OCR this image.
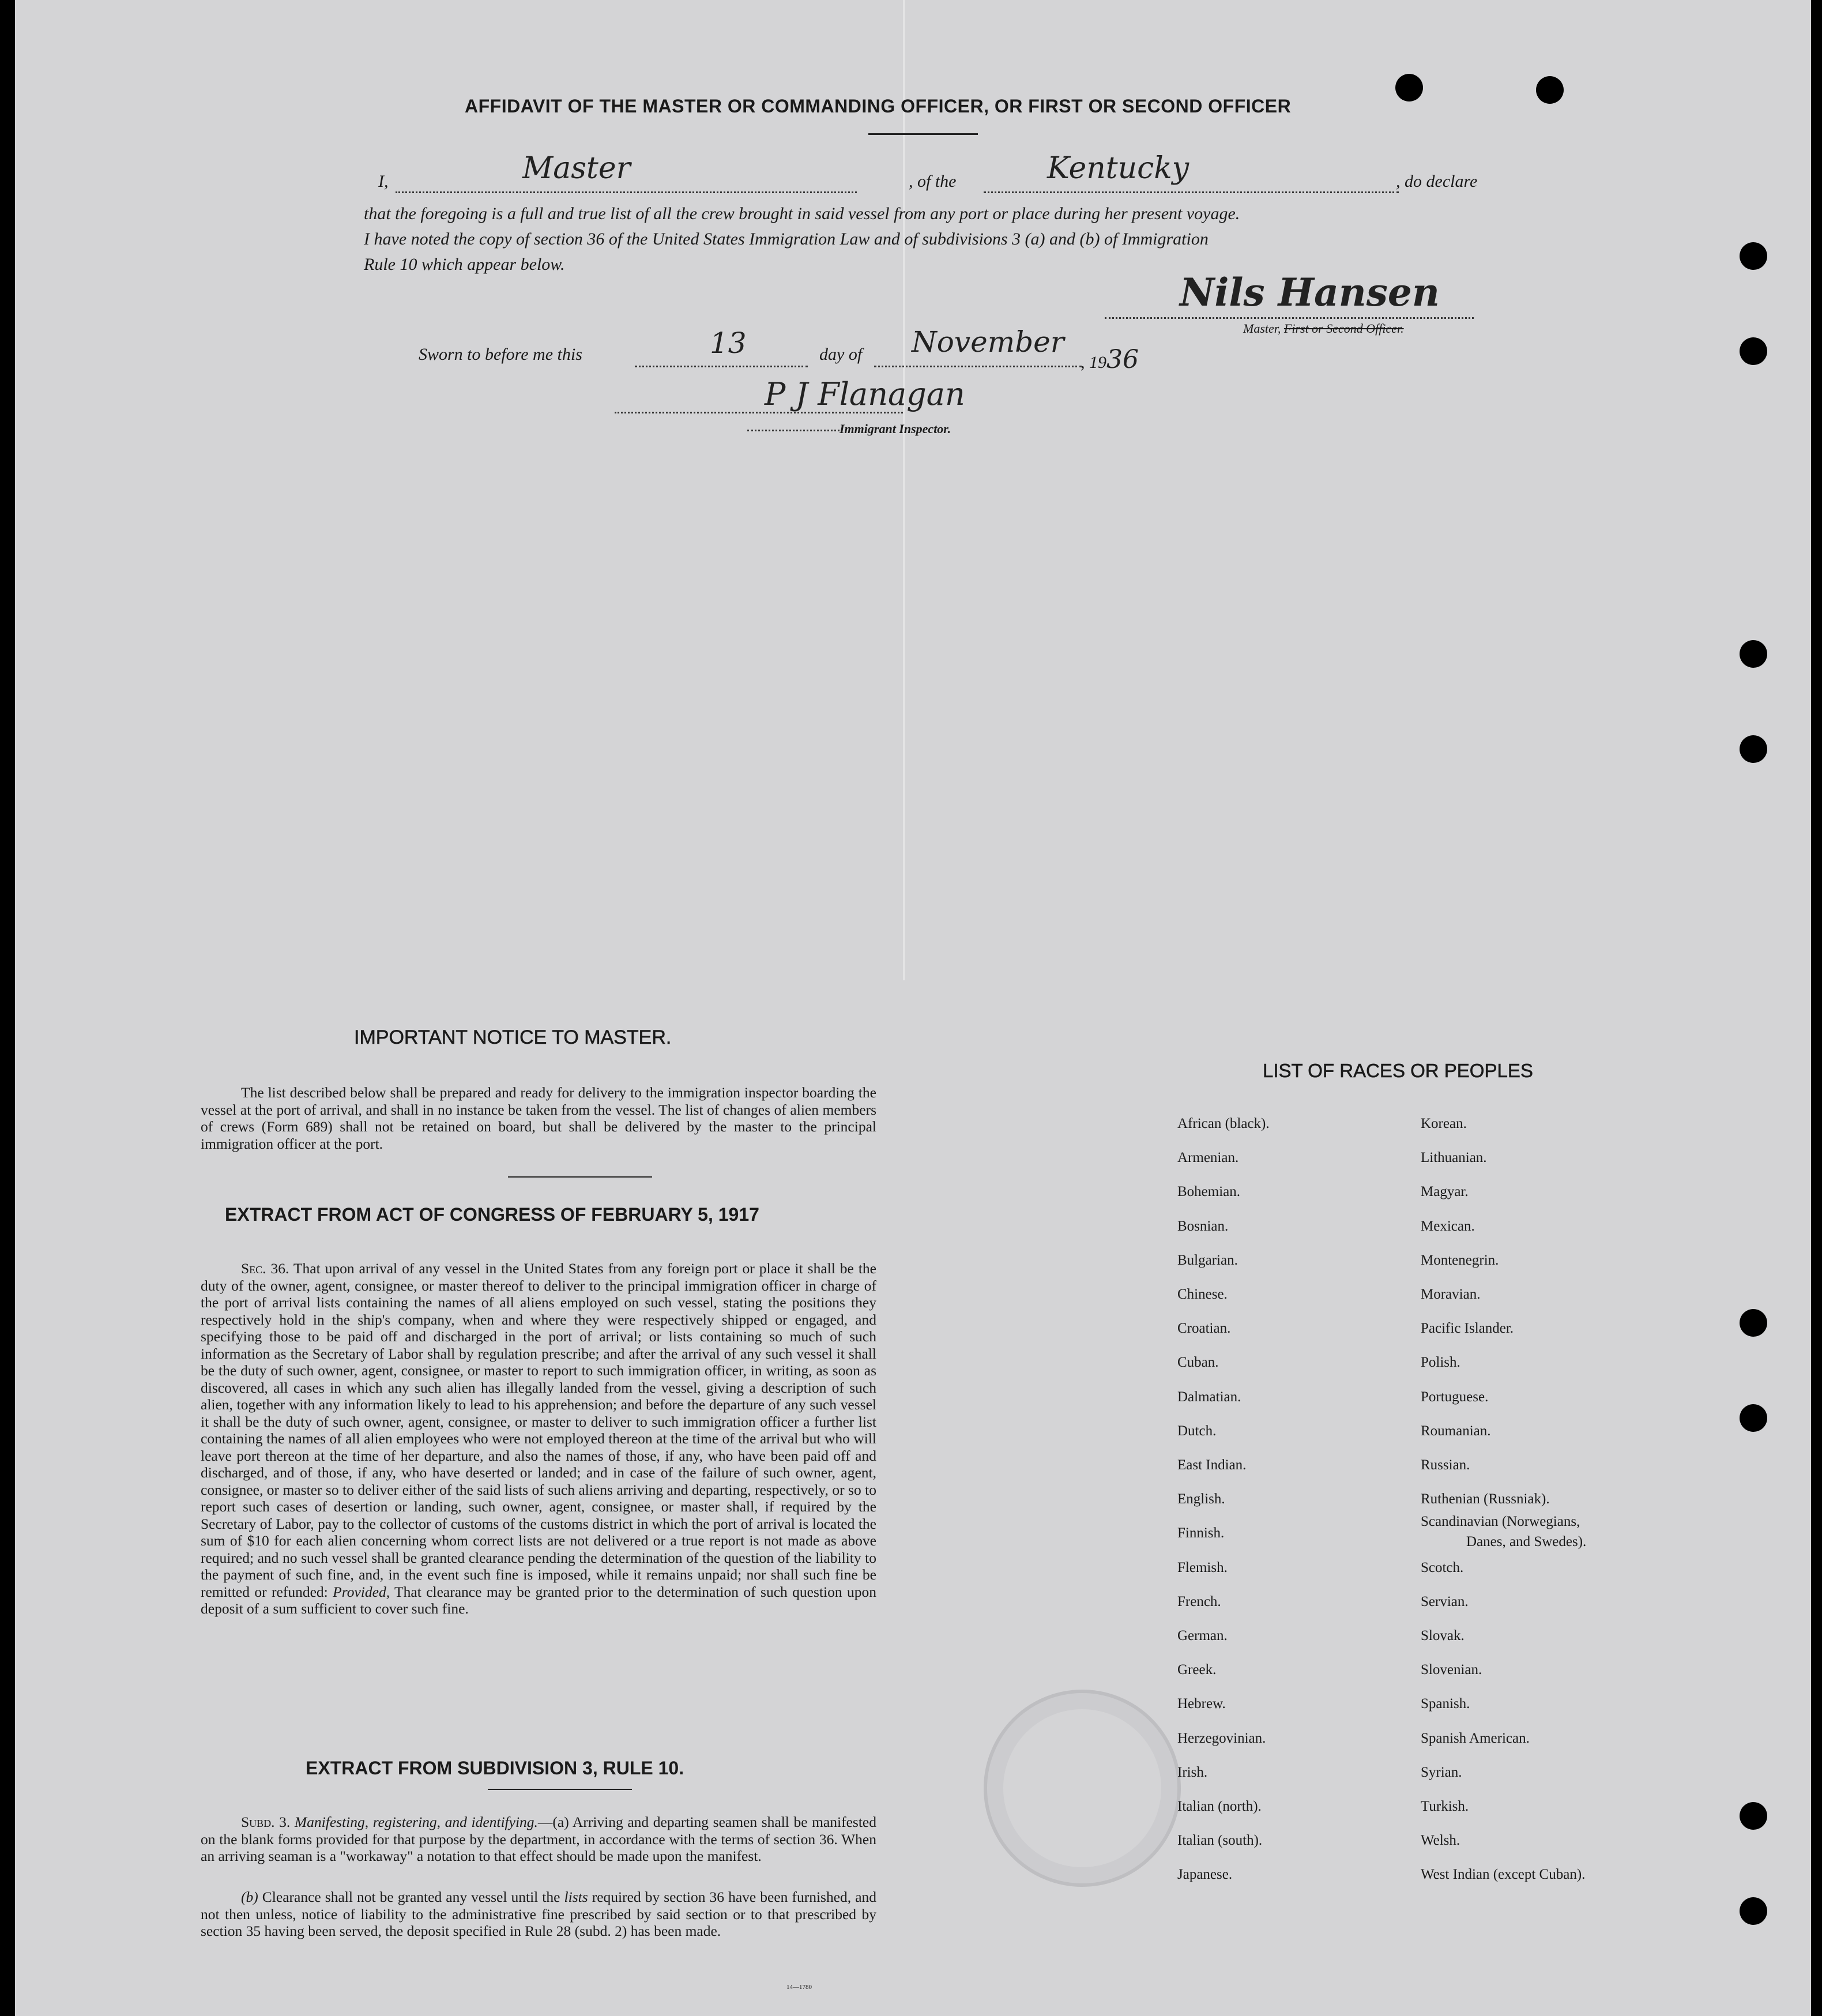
AFFIDAVIT OF THE MASTER OR COMMANDING OFFICER, OR FIRST OR SECOND OFFICER
I,	Master	, of the	Kentucky	, do declare
that the foregoing is a full and true list of all the crew brought in said vessel from any port or place during her present voyage.
I have noted the copy of section 36 of the United States Immigration Law and of subdivisions 3 (a) and (b) of Immigration
Rule 10 which appear below.
Nils Hansen
Master, First or Second Officer.
Sworn to before me this	13	day of November
, 1936
P J Flanagan
Immigrant Inspector.
IMPORTANT NOTICE TO MASTER.
The list described below shall be prepared and ready for delivery to the immigration inspector boarding the vessel at the port of arrival, and shall in no instance be taken from the vessel. The list of changes of alien members of crews (Form 689) shall not be retained on board, but shall be delivered by the master to the principal immigration officer at the port.
EXTRACT FROM ACT OF CONGRESS OF FEBRUARY 5, 1917
Sec. 36. That upon arrival of any vessel in the United States from any foreign port or place it shall be the duty of the owner, agent, consignee, or master thereof to deliver to the principal immigration officer in charge of the port of arrival lists containing the names of all aliens employed on such vessel, stating the positions they respectively hold in the ship's company, when and where they were respectively shipped or engaged, and specifying those to be paid off and discharged in the port of arrival; or lists containing so much of such information as the Secretary of Labor shall by regulation prescribe; and after the arrival of any such vessel it shall be the duty of such owner, agent, consignee, or master to report to such immigration officer, in writing, as soon as discovered, all cases in which any such alien has illegally landed from the vessel, giving a description of such alien, together with any information likely to lead to his apprehension; and before the departure of any such vessel it shall be the duty of such owner, agent, consignee, or master to deliver to such immigration officer a further list containing the names of all alien employees who were not employed thereon at the time of the arrival but who will leave port thereon at the time of her departure, and also the names of those, if any, who have been paid off and discharged, and of those, if any, who have deserted or landed; and in case of the failure of such owner, agent, consignee, or master so to deliver either of the said lists of such aliens arriving and departing, respectively, or so to report such cases of desertion or landing, such owner, agent, consignee, or master shall, if required by the Secretary of Labor, pay to the collector of customs of the customs district in which the port of arrival is located the sum of $10 for each alien concerning whom correct lists are not delivered or a true report is not made as above required; and no such vessel shall be granted clearance pending the determination of the question of the liability to the payment of such fine, and, in the event such fine is imposed, while it remains unpaid; nor shall such fine be remitted or refunded: Provided, That clearance may be granted prior to the determination of such question upon deposit of a sum sufficient to cover such fine.
EXTRACT FROM SUBDIVISION 3, RULE 10.
Subd. 3. Manifesting, registering, and identifying.—(a) Arriving and departing seamen shall be manifested on the blank forms provided for that purpose by the department, in accordance with the terms of section 36. When an arriving seaman is a "workaway" a notation to that effect should be made upon the manifest.
(b) Clearance shall not be granted any vessel until the lists required by section 36 have been furnished, and not then unless, notice of liability to the administrative fine prescribed by said section or to that prescribed by section 35 having been served, the deposit specified in Rule 28 (subd. 2) has been made.
14—1780
LIST OF RACES OR PEOPLES
Danes, and Swedes).
African (black).
Armenian.
Bohemian.
Bosnian.
Bulgarian.
Chinese.
Croatian.
Cuban.
Dalmatian.
Dutch.
East Indian.
English.
Finnish.
Flemish.
French.
German.
Greek.
Hebrew.
Herzegovinian.
Irish.
Italian (north).
Italian (south).
Japanese.
Korean.
Lithuanian.
Magyar.
Mexican.
Montenegrin.
Moravian.
Pacific Islander.
Polish.
Portuguese.
Roumanian.
Russian.
Ruthenian (Russniak).
Scandinavian (Norwegians,
Scotch.
Servian.
Slovak.
Slovenian.
Spanish.
Spanish American.
Syrian.
Turkish.
Welsh.
West Indian (except Cuban).
